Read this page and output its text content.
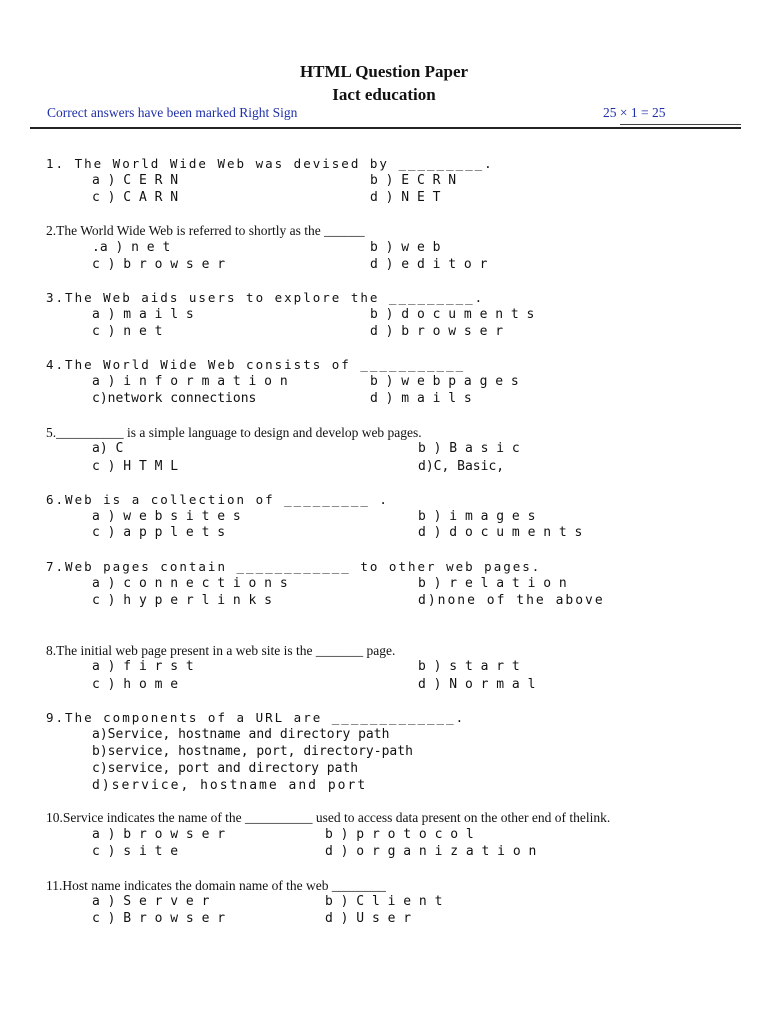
HTML Question Paper
Iact education
Correct answers have been marked Right Sign	25 × 1 = 25
1. The World Wide Web was devised by _________.
a ) C E R N	b ) E C R N
c ) C A R N	d ) N E T
2.The World Wide Web is referred to shortly as the ______
.a ) n e t	b ) w e b
c ) b r o w s e r	d ) e d i t o r
3.The Web aids users to explore the _________.
a ) m a i l s	b ) d o c u m e n t s
c ) n e t	d ) b r o w s e r
4.The World Wide Web consists of ___________
a ) i n f o r m a t i o n	b ) w e b p a g e s
c)network connections	d ) m a i l s
5.__________ is a simple language to design and develop web pages.
a) C	b ) B a s i c
c ) H T M L	d)C, Basic,
6.Web is a collection of _________ .
a ) w e b s i t e s	b ) i m a g e s
c ) a p p l e t s	d ) d o c u m e n t s
7.Web pages contain ____________ to other web pages.
a ) c o n n e c t i o n s	b ) r e l a t i o n
c ) h y p e r l i n k s	d)none of the above
8.The initial web page present in a web site is the _______ page.
a ) f i r s t	b ) s t a r t
c ) h o m e	d ) N o r m a l
9.The components of a URL are _____________.
a)Service, hostname and directory path
b)service, hostname, port, directory-path
c)service, port and directory path
d)service, hostname and port
10.Service indicates the name of the __________ used to access data present on the other end of thelink.
a ) b r o w s e r	b ) p r o t o c o l
c ) s i t e	d ) o r g a n i z a t i o n
11.Host name indicates the domain name of the web ________
a ) S e r v e r	b ) C l i e n t
c ) B r o w s e r	d ) U s e r
